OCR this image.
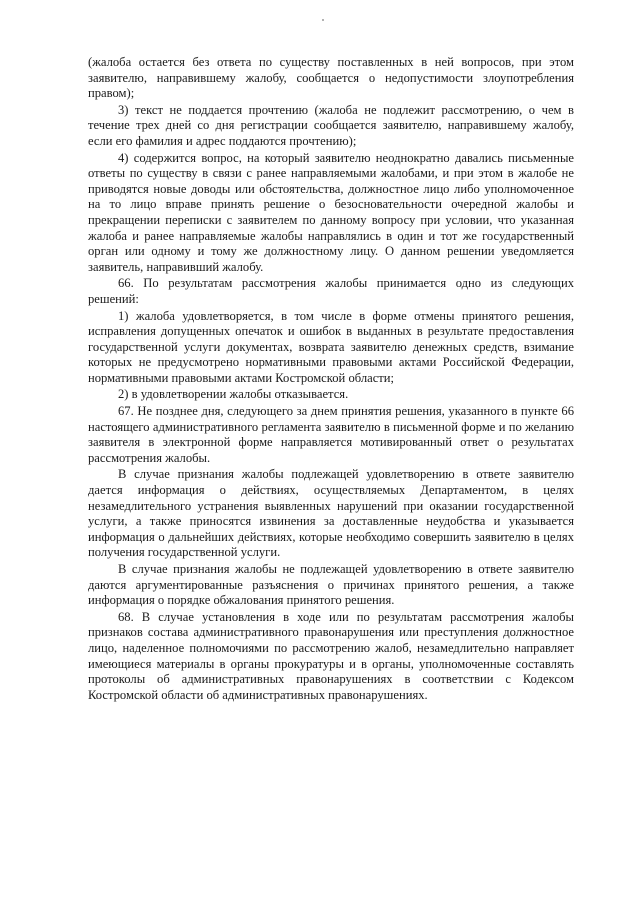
(жалоба остается без ответа по существу поставленных в ней вопросов, при этом заявителю, направившему жалобу, сообщается о недопустимости злоупотребления правом);

3) текст не поддается прочтению (жалоба не подлежит рассмотрению, о чем в течение трех дней со дня регистрации сообщается заявителю, направившему жалобу, если его фамилия и адрес поддаются прочтению);

4) содержится вопрос, на который заявителю неоднократно давались письменные ответы по существу в связи с ранее направляемыми жалобами, и при этом в жалобе не приводятся новые доводы или обстоятельства, должностное лицо либо уполномоченное на то лицо вправе принять решение о безосновательности очередной жалобы и прекращении переписки с заявителем по данному вопросу при условии, что указанная жалоба и ранее направляемые жалобы направлялись в один и тот же государственный орган или одному и тому же должностному лицу. О данном решении уведомляется заявитель, направивший жалобу.

66. По результатам рассмотрения жалобы принимается одно из следующих решений:

1) жалоба удовлетворяется, в том числе в форме отмены принятого решения, исправления допущенных опечаток и ошибок в выданных в результате предоставления государственной услуги документах, возврата заявителю денежных средств, взимание которых не предусмотрено нормативными правовыми актами Российской Федерации, нормативными правовыми актами Костромской области;

2) в удовлетворении жалобы отказывается.

67. Не позднее дня, следующего за днем принятия решения, указанного в пункте 66 настоящего административного регламента заявителю в письменной форме и по желанию заявителя в электронной форме направляется мотивированный ответ о результатах рассмотрения жалобы.

В случае признания жалобы подлежащей удовлетворению в ответе заявителю дается информация о действиях, осуществляемых Департаментом, в целях незамедлительного устранения выявленных нарушений при оказании государственной услуги, а также приносятся извинения за доставленные неудобства и указывается информация о дальнейших действиях, которые необходимо совершить заявителю в целях получения государственной услуги.

В случае признания жалобы не подлежащей удовлетворению в ответе заявителю даются аргументированные разъяснения о причинах принятого решения, а также информация о порядке обжалования принятого решения.

68. В случае установления в ходе или по результатам рассмотрения жалобы признаков состава административного правонарушения или преступления должностное лицо, наделенное полномочиями по рассмотрению жалоб, незамедлительно направляет имеющиеся материалы в органы прокуратуры и в органы, уполномоченные составлять протоколы об административных правонарушениях в соответствии с Кодексом Костромской области об административных правонарушениях.
